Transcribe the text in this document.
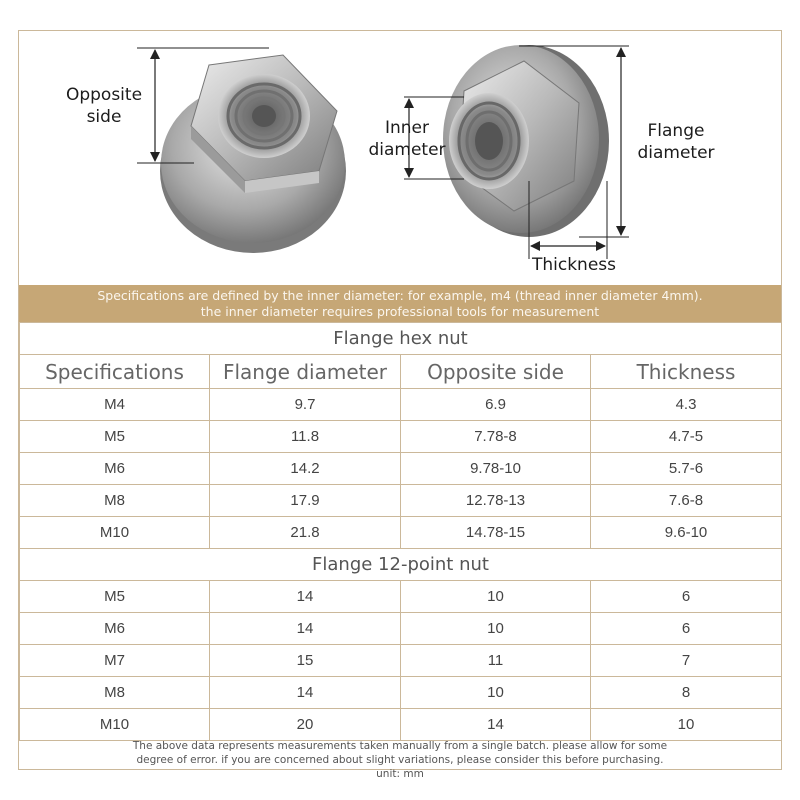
Opposite
side
Inner
diameter
Flange
diameter
Thickness
Specifications are defined by the inner diameter: for example, m4 (thread inner diameter 4mm).
the inner diameter requires professional tools for measurement
Flange hex nut			
Specifications	Flange diameter	Opposite side	Thickness
M4	9.7	6.9	4.3
M5	11.8	7.78-8	4.7-5
M6	14.2	9.78-10	5.7-6
M8	17.9	12.78-13	7.6-8
M10	21.8	14.78-15	9.6-10
Flange 12-point nut			
M5	14	10	6
M6	14	10	6
M7	15	11	7
M8	14	10	8
M10	20	14	10
The above data represents measurements taken manually from a single batch. please allow for some
degree of error. if you are concerned about slight variations, please consider this before purchasing.
unit: mm
